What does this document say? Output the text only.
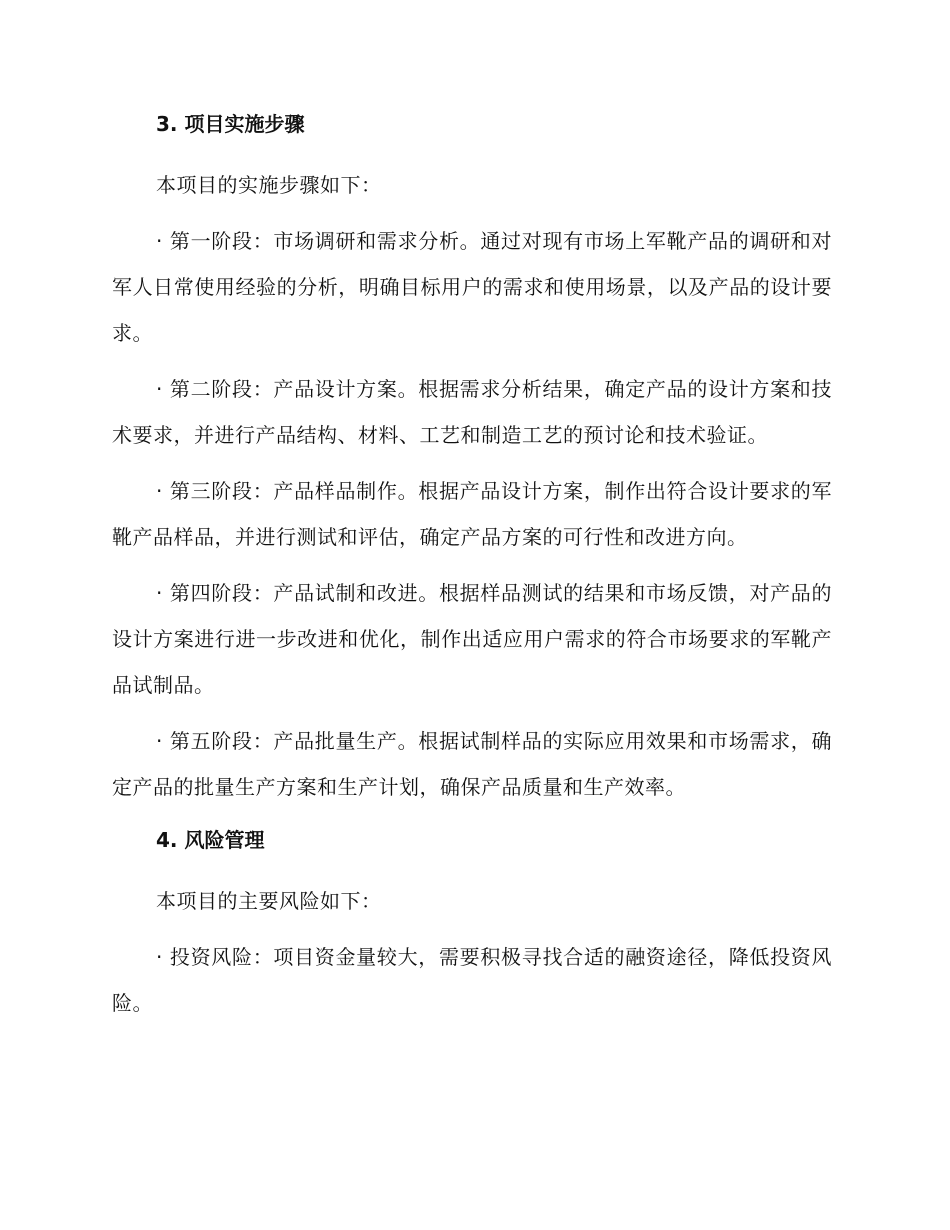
3. 项目实施步骤

本项目的实施步骤如下：

· 第一阶段：市场调研和需求分析。通过对现有市场上军靴产品的调研和对军人日常使用经验的分析，明确目标用户的需求和使用场景，以及产品的设计要求。

· 第二阶段：产品设计方案。根据需求分析结果，确定产品的设计方案和技术要求，并进行产品结构、材料、工艺和制造工艺的预讨论和技术验证。

· 第三阶段：产品样品制作。根据产品设计方案，制作出符合设计要求的军靴产品样品，并进行测试和评估，确定产品方案的可行性和改进方向。

· 第四阶段：产品试制和改进。根据样品测试的结果和市场反馈，对产品的设计方案进行进一步改进和优化，制作出适应用户需求的符合市场要求的军靴产品试制品。

· 第五阶段：产品批量生产。根据试制样品的实际应用效果和市场需求，确定产品的批量生产方案和生产计划，确保产品质量和生产效率。

4. 风险管理

本项目的主要风险如下：

· 投资风险：项目资金量较大，需要积极寻找合适的融资途径，降低投资风险。
